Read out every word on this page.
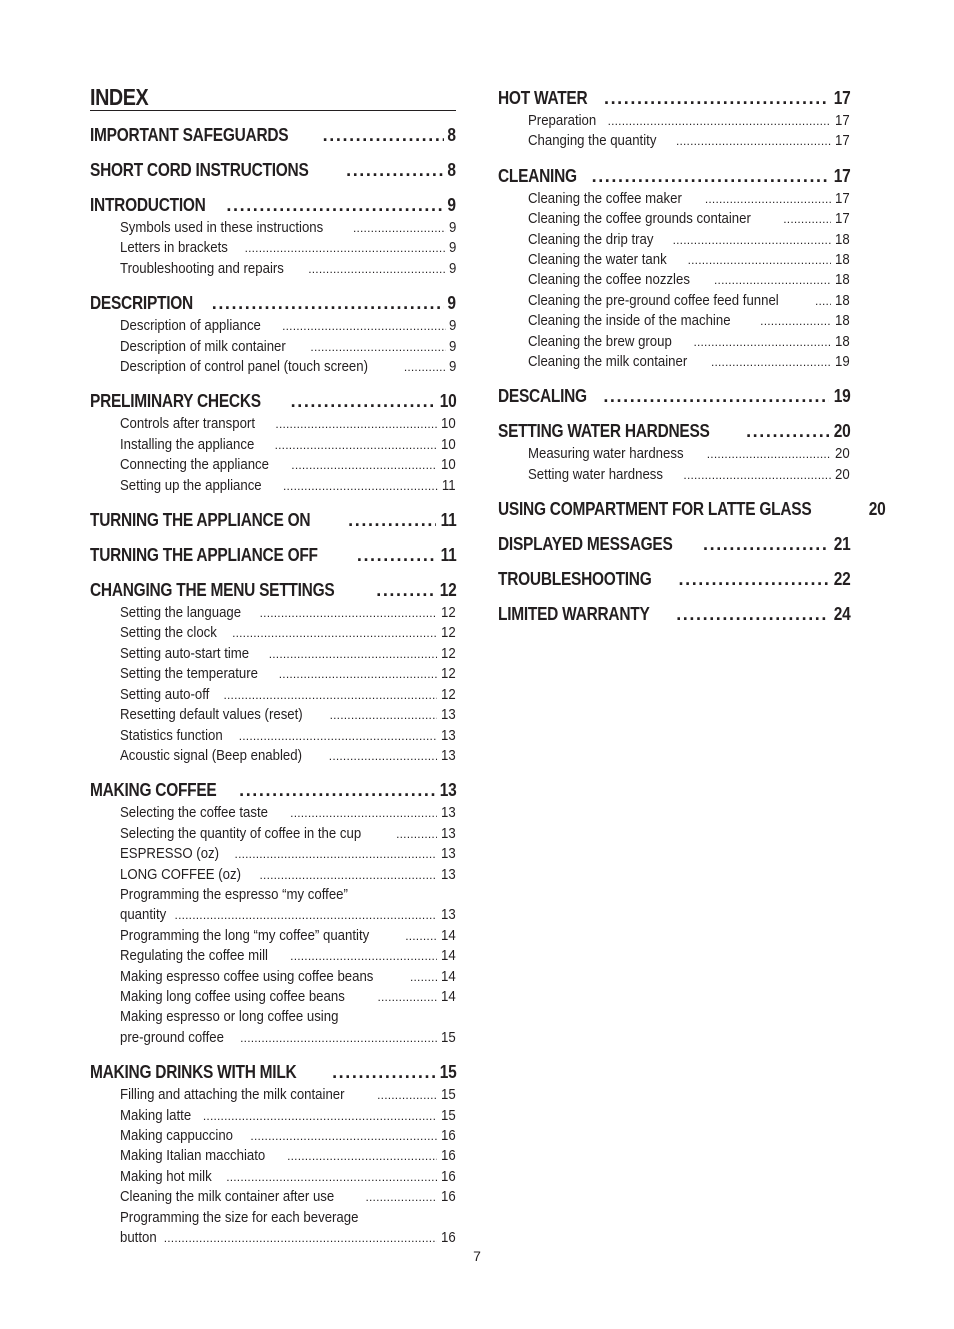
INDEX
IMPORTANT SAFEGUARDS .....	8
SHORT CORD INSTRUCTIONS .....	8
INTRODUCTION .....	9
Symbols used in these instructions .....	9
Letters in brackets .....	9
Troubleshooting and repairs .....	9
DESCRIPTION .....	9
Description of appliance .....	9
Description of milk container .....	9
Description of control panel (touch screen) .....	9
PRELIMINARY CHECKS .....	10
Controls after transport .....	10
Installing the appliance .....	10
Connecting the appliance .....	10
Setting up the appliance .....	11
TURNING THE APPLIANCE ON .....	11
TURNING THE APPLIANCE OFF .....	11
CHANGING THE MENU SETTINGS .....	12
Setting the language .....	12
Setting the clock .....	12
Setting auto-start time .....	12
Setting the temperature .....	12
Setting auto-off .....	12
Resetting default values (reset) .....	13
Statistics function .....	13
Acoustic signal (Beep enabled) .....	13
MAKING COFFEE .....	13
Selecting the coffee taste .....	13
Selecting the quantity of coffee in the cup .....	13
ESPRESSO (oz) .....	13
LONG COFFEE (oz) .....	13
Programming the espresso “my coffee”
quantity .....	13
Programming the long “my coffee” quantity .....	14
Regulating the coffee mill .....	14
Making espresso coffee using coffee beans .....	14
Making long coffee using coffee beans .....	14
Making espresso or long coffee using
pre-ground coffee .....	15
MAKING DRINKS WITH MILK .....	15
Filling and attaching the milk container .....	15
Making latte .....	15
Making cappuccino .....	16
Making Italian macchiato .....	16
Making hot milk .....	16
Cleaning the milk container after use .....	16
Programming the size for each beverage
button .....	16
HOT WATER .....	17
Preparation .....	17
Changing the quantity .....	17
CLEANING .....	17
Cleaning the coffee maker .....	17
Cleaning the coffee grounds container .....	17
Cleaning the drip tray .....	18
Cleaning the water tank .....	18
Cleaning the coffee nozzles .....	18
Cleaning the pre-ground coffee feed funnel .....	18
Cleaning the inside of the machine .....	18
Cleaning the brew group .....	18
Cleaning the milk container .....	19
DESCALING .....	19
SETTING WATER HARDNESS .....	20
Measuring water hardness .....	20
Setting water hardness .....	20
USING COMPARTMENT FOR LATTE GLASS	20
DISPLAYED MESSAGES .....	21
TROUBLESHOOTING .....	22
LIMITED WARRANTY .....	24
7
